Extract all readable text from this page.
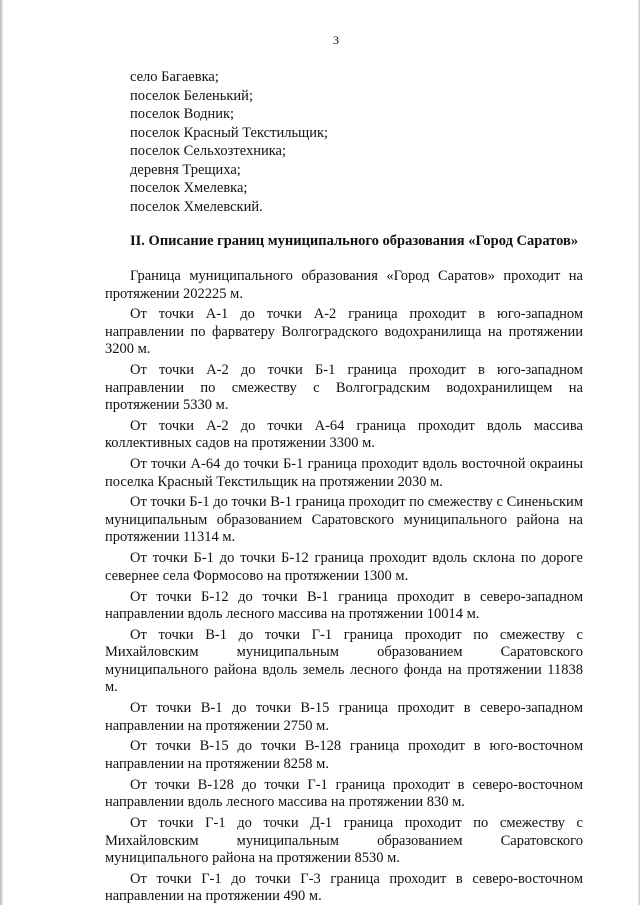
3
село Багаевка;
поселок Беленький;
поселок Водник;
поселок Красный Текстильщик;
поселок Сельхозтехника;
деревня Трещиха;
поселок Хмелевка;
поселок Хмелевский.
II. Описание границ муниципального образования «Город Саратов»

Граница муниципального образования «Город Саратов» проходит на протяжении 202225 м.

От точки А-1 до точки А-2 граница проходит в юго-западном направлении по фарватеру Волгоградского водохранилища на протяжении 3200 м.

От точки А-2 до точки Б-1 граница проходит в юго-западном направлении по смежеству с Волгоградским водохранилищем на протяжении 5330 м.

От точки А-2 до точки А-64 граница проходит вдоль массива коллективных садов на протяжении 3300 м.

От точки А-64 до точки Б-1 граница проходит вдоль восточной окраины поселка Красный Текстильщик на протяжении 2030 м.

От точки Б-1 до точки В-1 граница проходит по смежеству с Синеньским муниципальным образованием Саратовского муниципального района на протяжении 11314 м.

От точки Б-1 до точки Б-12 граница проходит вдоль склона по дороге севернее села Формосово на протяжении 1300 м.

От точки Б-12 до точки В-1 граница проходит в северо-западном направлении вдоль лесного массива на протяжении 10014 м.

От точки В-1 до точки Г-1 граница проходит по смежеству с Михайловским муниципальным образованием Саратовского муниципального района вдоль земель лесного фонда на протяжении 11838 м.

От точки В-1 до точки В-15 граница проходит в северо-западном направлении на протяжении 2750 м.

От точки В-15 до точки В-128 граница проходит в юго-восточном направлении на протяжении 8258 м.

От точки В-128 до точки Г-1 граница проходит в северо-восточном направлении вдоль лесного массива на протяжении 830 м.

От точки Г-1 до точки Д-1 граница проходит по смежеству с Михайловским муниципальным образованием Саратовского муниципального района на протяжении 8530 м.

От точки Г-1 до точки Г-3 граница проходит в северо-восточном направлении на протяжении 490 м.
